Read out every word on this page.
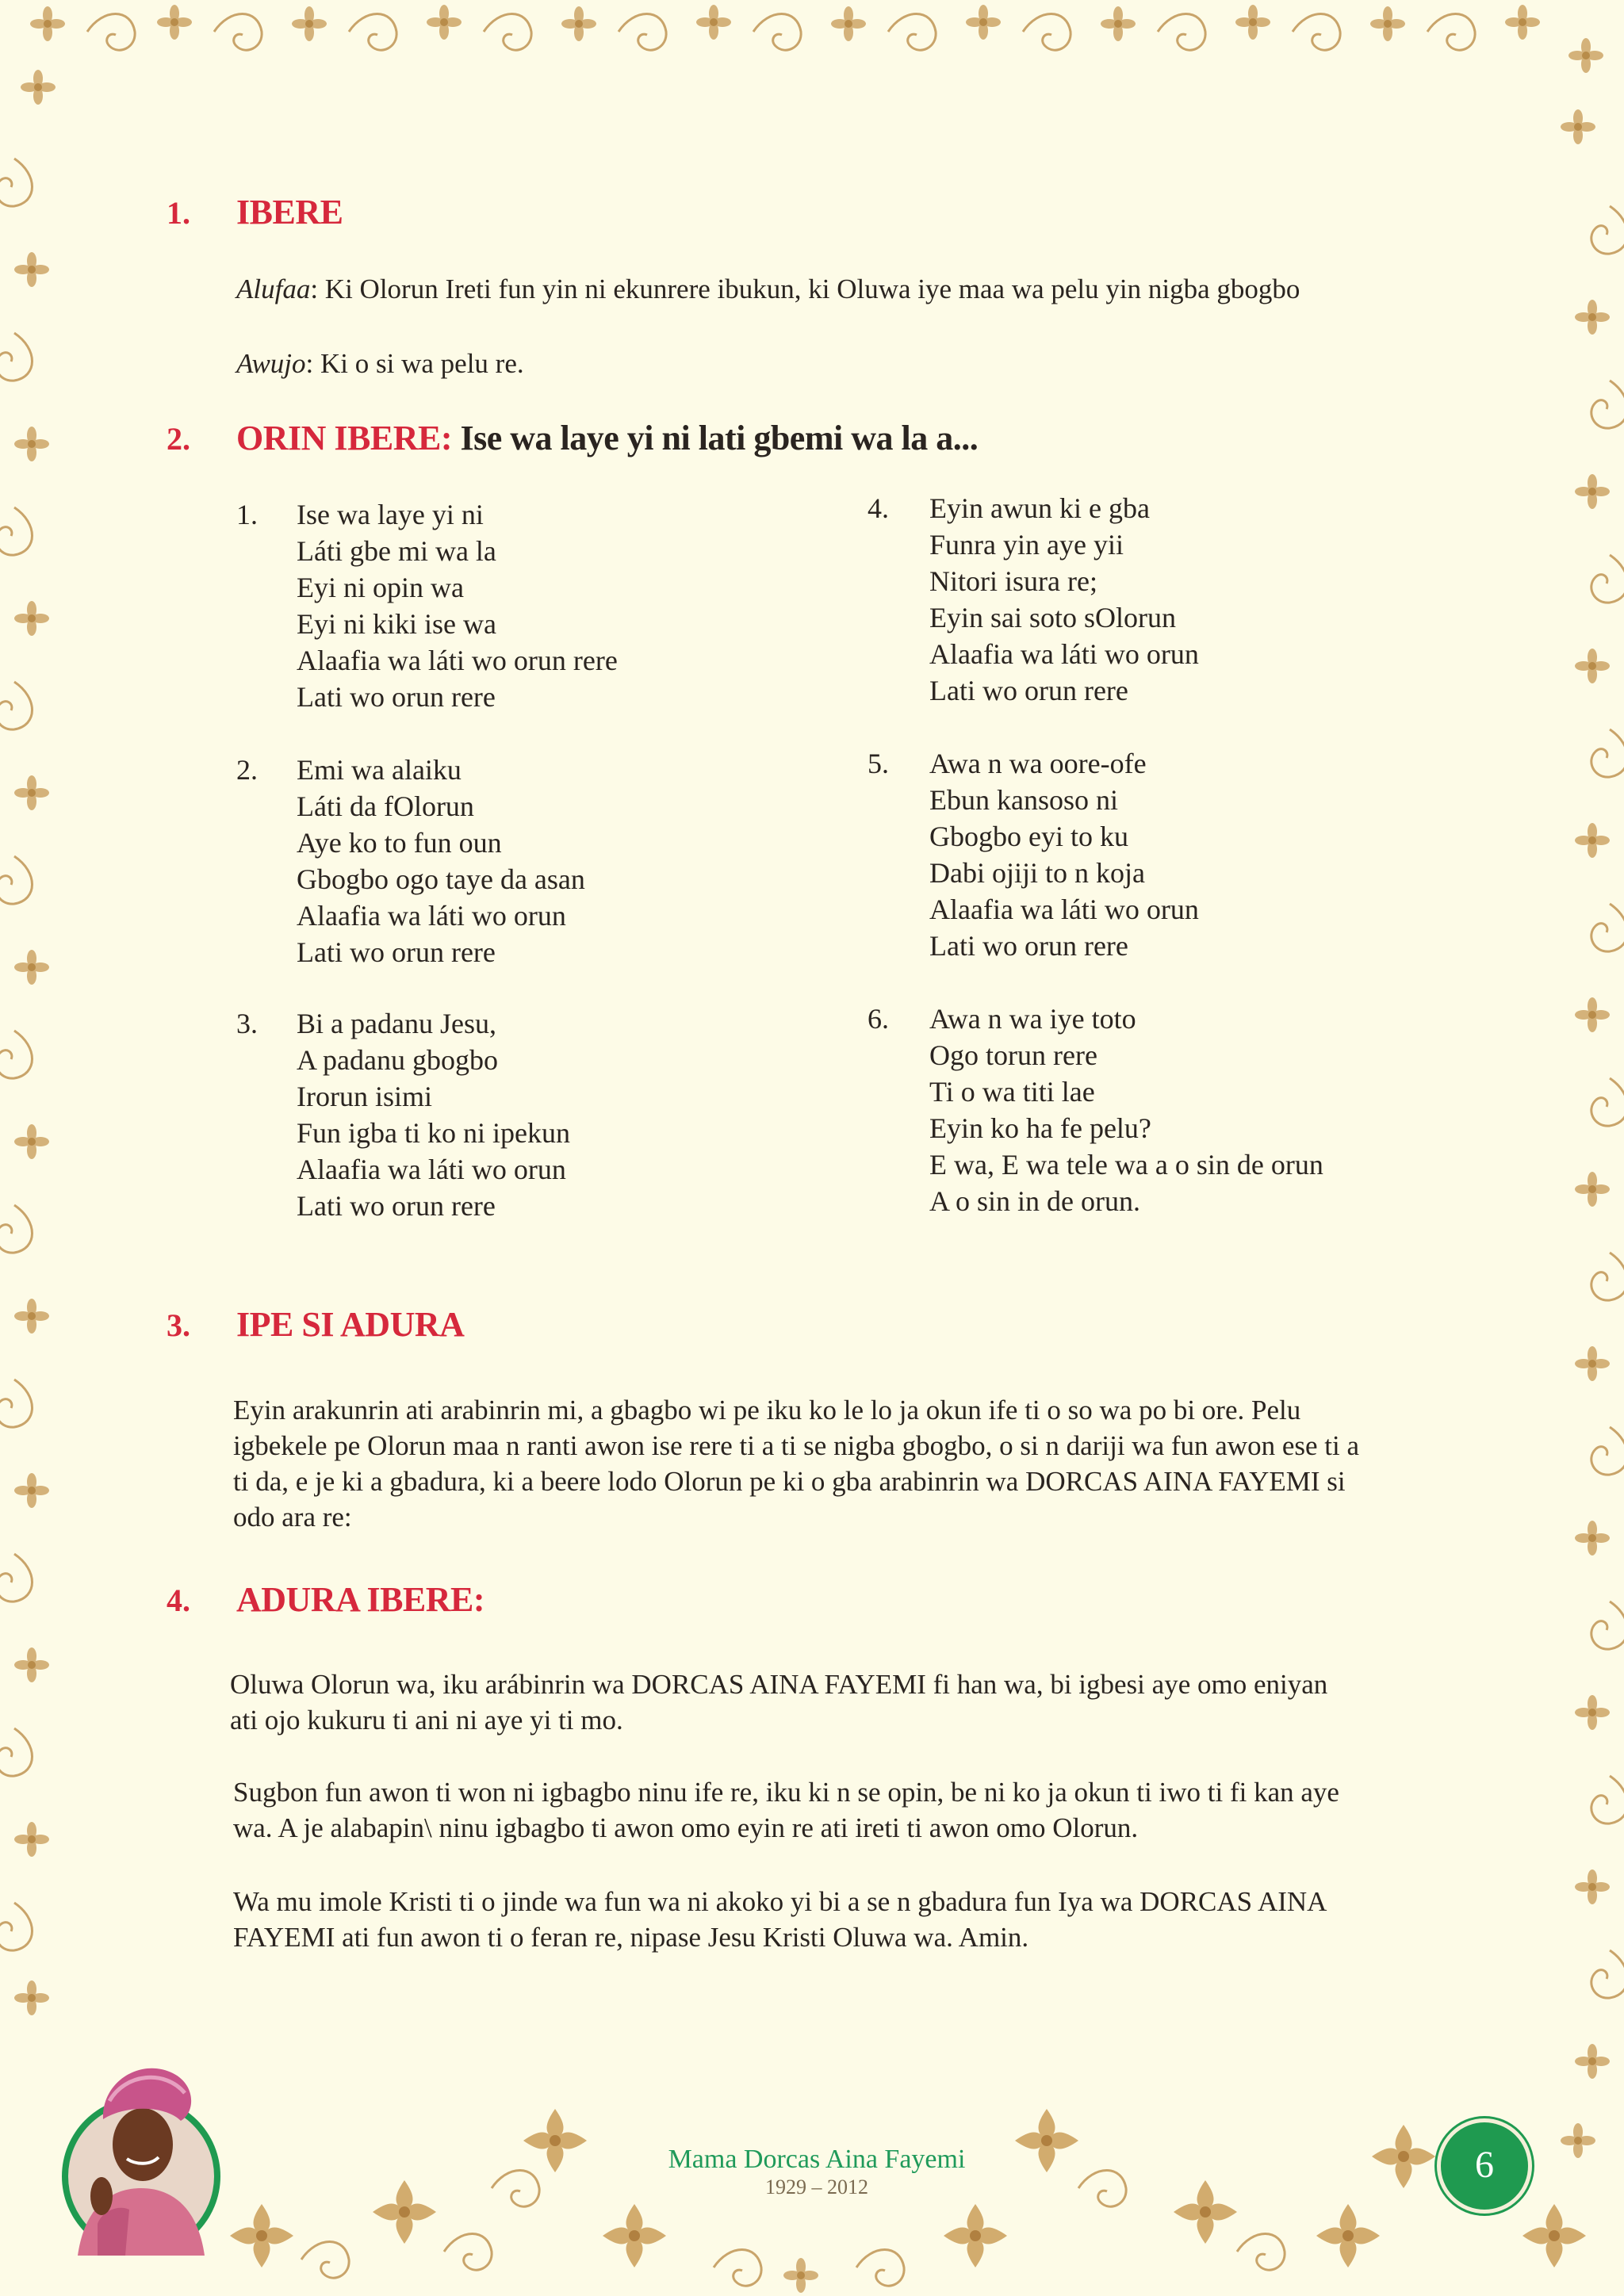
1. IBERE
Alufaa: Ki Olorun Ireti fun yin ni ekunrere ibukun, ki Oluwa iye maa wa pelu yin nigba gbogbo
Awujo: Ki o si wa pelu re.
2. ORIN IBERE: Ise wa laye yi ni lati gbemi wa la a...
1. Ise wa laye yi ni
Láti gbe mi wa la
Eyi ni opin wa
Eyi ni kiki ise wa
Alaafia wa láti wo orun rere
Lati wo orun rere
2. Emi wa alaiku
Láti da fOlorun
Aye ko to fun oun
Gbogbo ogo taye da asan
Alaafia wa láti wo orun
Lati wo orun rere
3. Bi a padanu Jesu,
A padanu gbogbo
Irorun isimi
Fun igba ti ko ni ipekun
Alaafia wa láti wo orun
Lati wo orun rere
4. Eyin awun ki e gba
Funra yin aye yii
Nitori isura re;
Eyin sai soto sOlorun
Alaafia wa láti wo orun
Lati wo orun rere
5. Awa n wa oore-ofe
Ebun kansoso ni
Gbogbo eyi to ku
Dabi ojiji to n koja
Alaafia wa láti wo orun
Lati wo orun rere
6. Awa n wa iye toto
Ogo torun rere
Ti o wa titi lae
Eyin ko ha fe pelu?
E wa, E wa tele wa a o sin de orun
A o sin in de orun.
3. IPE SI ADURA
Eyin arakunrin ati arabinrin mi, a gbagbo wi pe iku ko le lo ja okun ife ti o so wa po bi ore. Pelu
igbekele pe Olorun maa n ranti awon ise rere ti a ti se nigba gbogbo, o si n dariji wa fun awon ese ti a
ti da, e je ki a gbadura, ki a beere lodo Olorun pe ki o gba arabinrin wa DORCAS AINA FAYEMI si
odo ara re:
4. ADURA IBERE:
Oluwa Olorun wa, iku arábinrin wa DORCAS AINA FAYEMI fi han wa, bi igbesi aye omo eniyan
ati ojo kukuru ti ani ni aye yi ti mo.
Sugbon fun awon ti won ni igbagbo ninu ife re, iku ki n se opin, be ni ko ja okun ti iwo ti fi kan aye
wa. A je alabapin\ ninu igbagbo ti awon omo eyin re ati ireti ti awon omo Olorun.
Wa mu imole Kristi ti o jinde wa fun wa ni akoko yi bi a se n gbadura fun Iya wa DORCAS AINA
FAYEMI ati fun awon ti o feran re, nipase Jesu Kristi Oluwa wa. Amin.
Mama Dorcas Aina Fayemi
1929 – 2012
6
